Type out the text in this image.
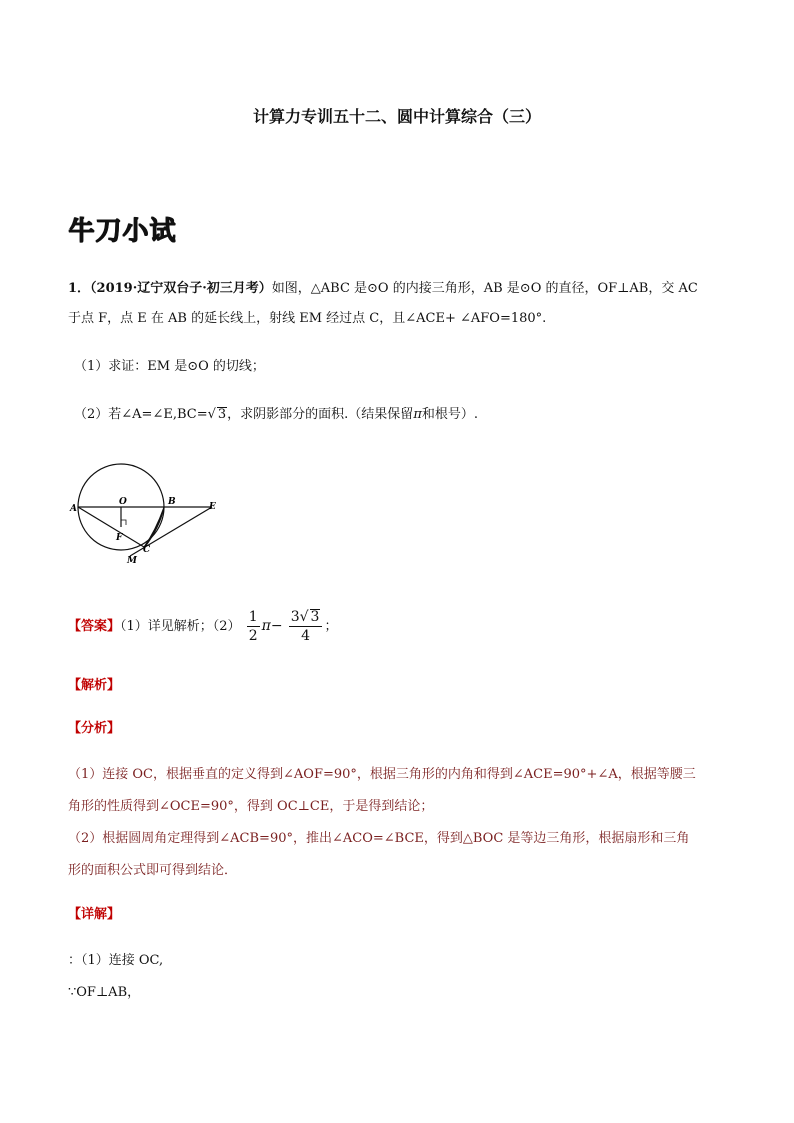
计算力专训五十二、圆中计算综合（三）
牛刀小试
1．（2019·辽宁双台子·初三月考）如图，△ABC 是⊙O 的内接三角形，AB 是⊙O 的直径，OF⊥AB，交 AC
于点 F，点 E 在 AB 的延长线上，射线 EM 经过点 C，且∠ACE+ ∠AFO=180°.
（1）求证：EM 是⊙O 的切线；
（2）若∠A=∠E,BC=√ 3，求阴影部分的面积.（结果保留π和根号）.
A
O	B	E
F
C
M
【答案】（1）详见解析；$(2) \frac{1}{2} \pi- \frac{3√ 3}{4}$ ；
【解析】
【分析】
（1）连接 OC，根据垂直的定义得到∠AOF=90°，根据三角形的内角和得到∠ACE=90°+∠A，根据等腰三
角形的性质得到∠OCE=90°，得到 OC⊥CE，于是得到结论；
（2）根据圆周角定理得到∠ACB=90°，推出∠ACO=∠BCE，得到△BOC 是等边三角形，根据扇形和三角
形的面积公式即可得到结论．
【详解】
：（1）连接 OC,
∵OF⊥AB，
